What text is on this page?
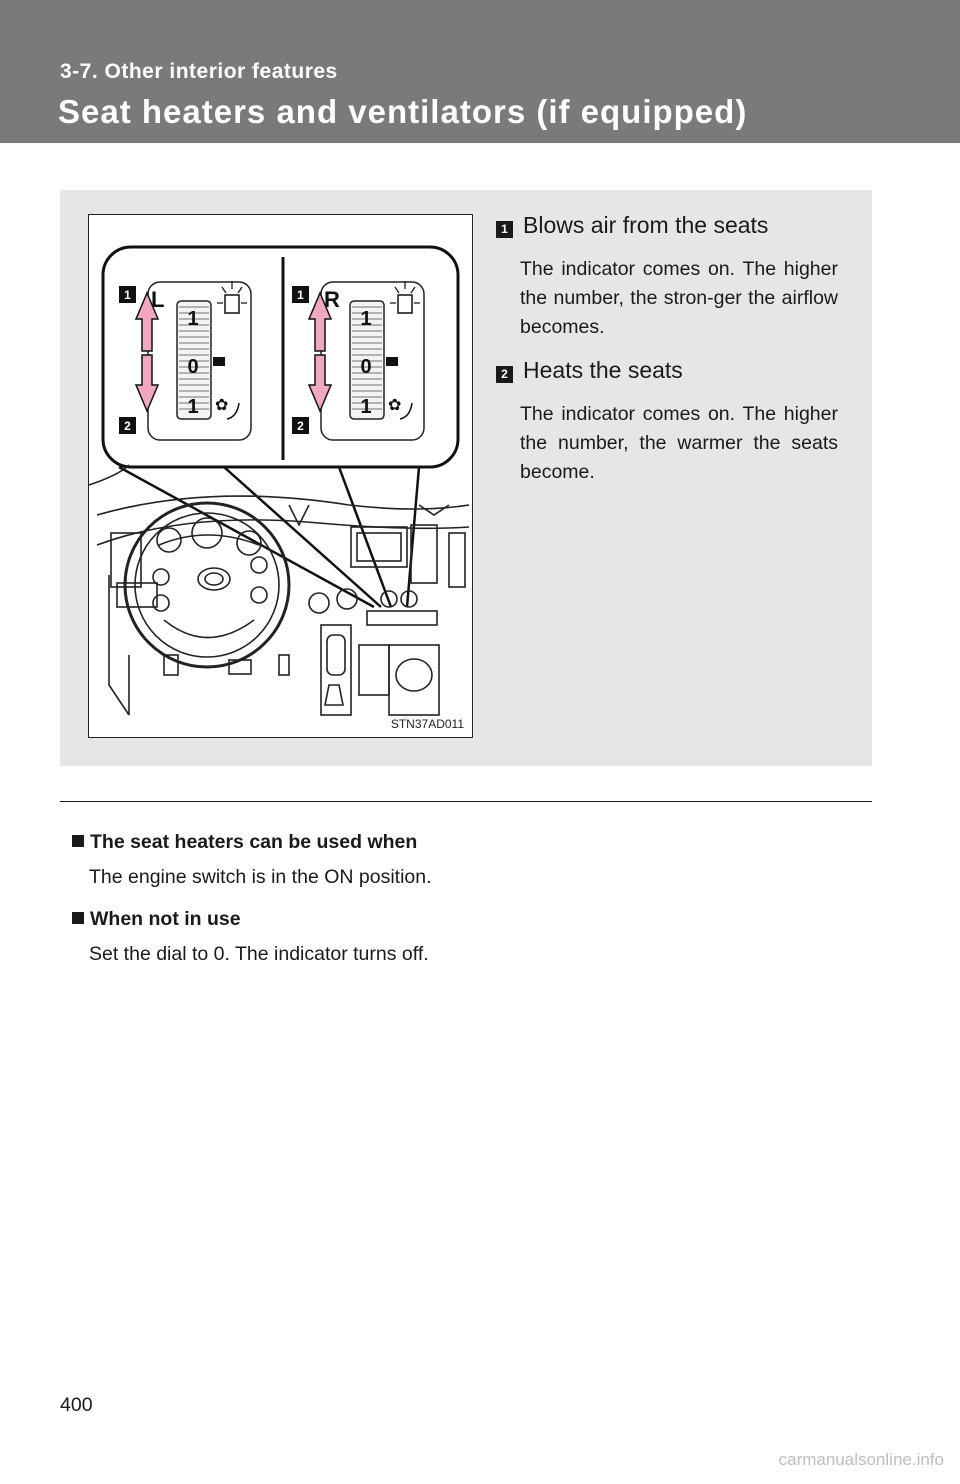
3-7. Other interior features
Seat heaters and ventilators (if equipped)
1
0
1 ✿
L
1
2
1
0
1 ✿
R
1
2
STN37AD011
1 Blows air from the seats
The indicator comes on. The higher the number, the stron-ger the airflow becomes.
2 Heats the seats
The indicator comes on. The higher the number, the warmer the seats become.
The seat heaters can be used when
The engine switch is in the ON position.
When not in use
Set the dial to 0. The indicator turns off.
400
carmanualsonline.info
